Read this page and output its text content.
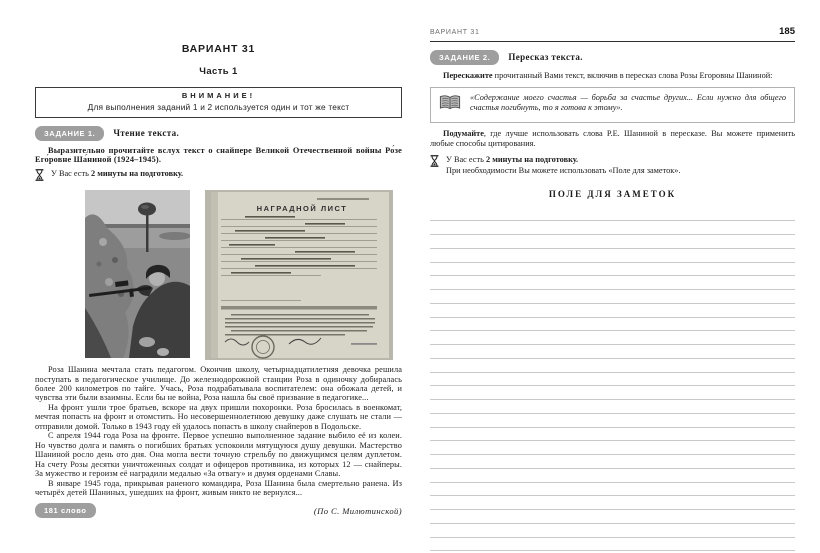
ВАРИАНТ 31
Часть 1
ВНИМАНИЕ!
Для выполнения заданий 1 и 2 используется один и тот же текст
ЗАДАНИЕ 1.	Чтение текста.

Выразительно прочитайте вслух текст о снайпере Великой Отечественной войны Ро́зе Его́ровне Ша́ниной (1924–1945).

У Вас есть 2 минуты на подготовку.
НАГРАДНОЙ ЛИСТ

Роза Шанина мечтала стать педагогом. Окончив школу, четырнадцатилетняя девочка решила поступать в педагогическое училище. До железнодорожной станции Роза в одиночку добиралась более 200 километров по тайге. Учась, Роза подрабатывала воспитателем: она обожала детей, и чувства эти были взаимны. Если бы не война, Роза нашла бы своё призвание в педагогике...

На фронт ушли трое братьев, вскоре на двух пришли похоронки. Роза бросилась в военкомат, мечтая попасть на фронт и отомстить. Но несовершеннолетнюю девушку даже слушать не стали — отправили домой. Только в 1943 году ей удалось попасть в школу снайперов в Подольске.

С апреля 1944 года Роза на фронте. Первое успешно выполненное задание выбило её из колеи. Но чувство долга и память о погибших братьях успокоили мятущуюся душу девушки. Мастерство Шаниной росло день ото дня. Она могла вести точную стрельбу по движущимся целям дуплетом. На счету Розы десятки уничтоженных солдат и офицеров противника, из которых 12 — снайперы. За мужество и героизм её наградили медалью «За отвагу» и двумя орденами Славы.

В январе 1945 года, прикрывая раненого командира, Роза Шанина была смертельно ранена. Из четырёх детей Шаниных, ушедших на фронт, живым никто не вернулся...

181 слово	(По С. Милютинской)
ВАРИАНТ 31	185
ЗАДАНИЕ 2.	Пересказ текста.

Перескажите прочитанный Вами текст, включив в пересказ слова Розы Егоровны Шаниной:

«Содержание моего счастья — борьба за счастье других... Если нужно для общего счастья погибнуть, то я готова к этому».

Подумайте, где лучше использовать слова Р.Е. Шаниной в пересказе. Вы можете применить любые способы цитирования.

У Вас есть 2 минуты на подготовку.
При необходимости Вы можете использовать «Поле для заметок».
ПОЛЕ ДЛЯ ЗАМЕТОК
